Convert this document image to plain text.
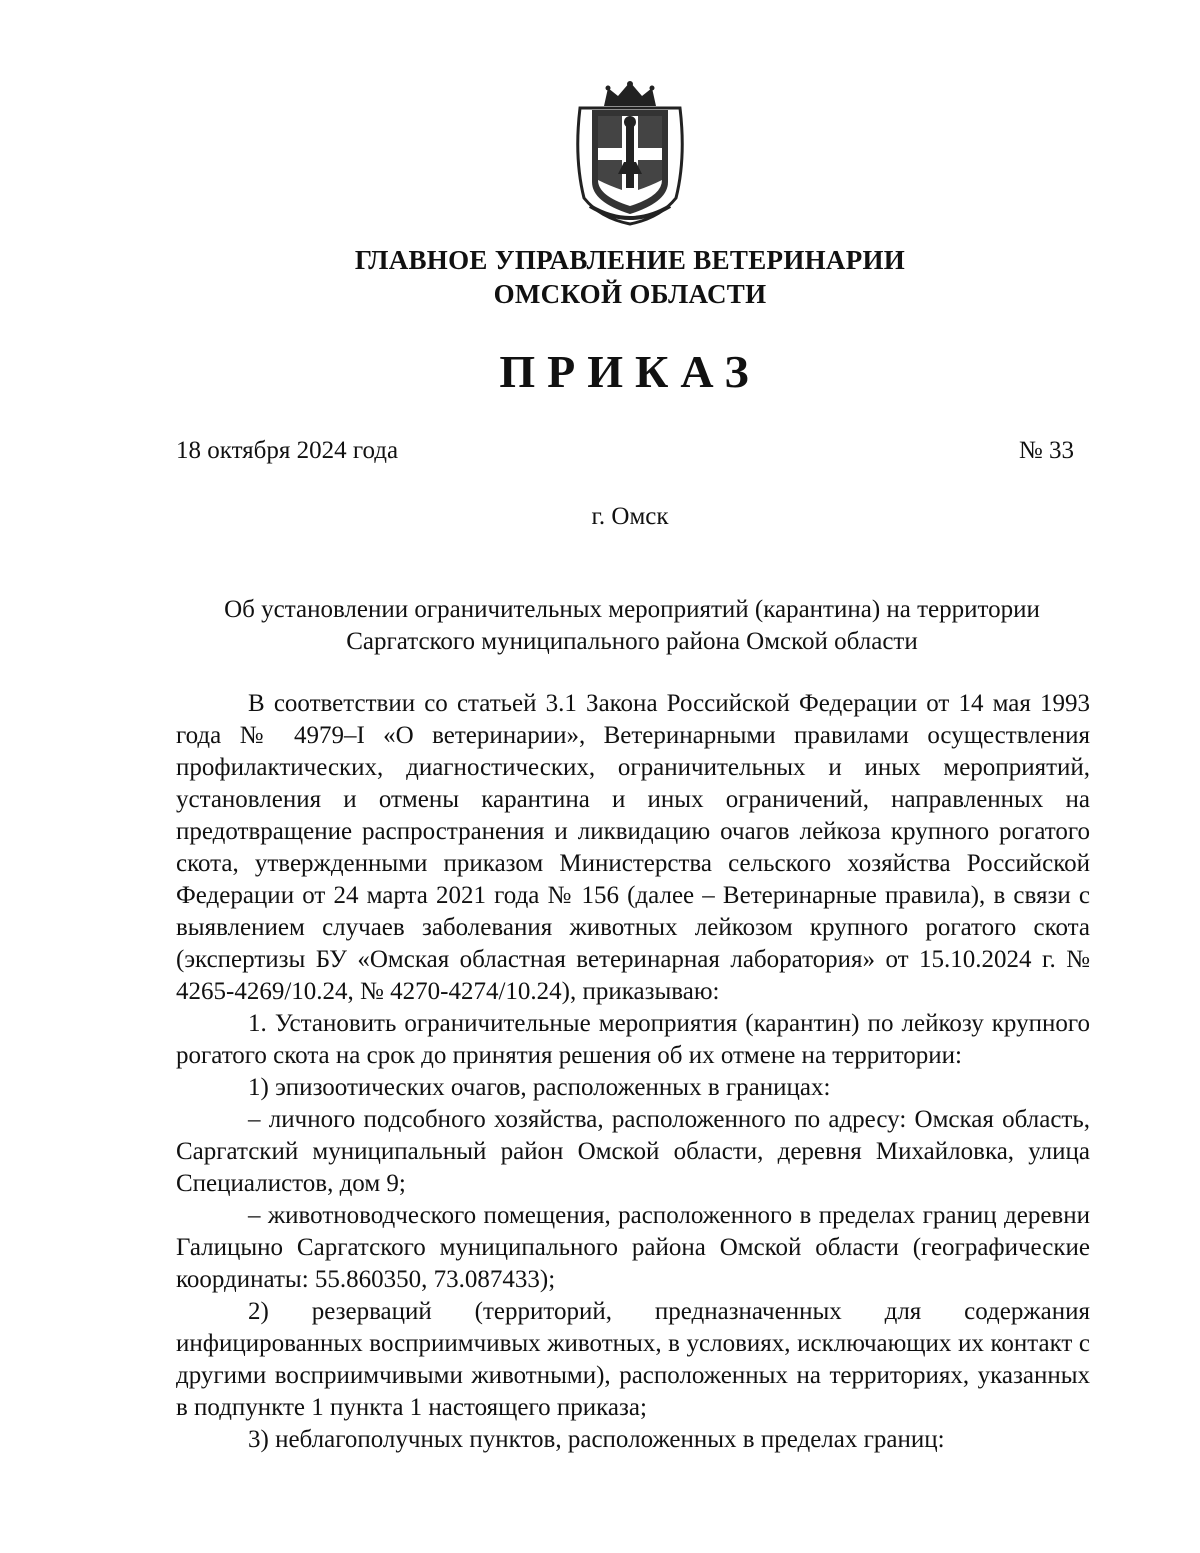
ГЛАВНОЕ УПРАВЛЕНИЕ ВЕТЕРИНАРИИ
ОМСКОЙ ОБЛАСТИ
ПРИКАЗ
18 октября 2024 года	№ 33
г. Омск
Об установлении ограничительных мероприятий (карантина) на территории
Саргатского муниципального района Омской области

В соответствии со статьей 3.1 Закона Российской Федерации от 14 мая 1993 года № 4979–I «О ветеринарии», Ветеринарными правилами осуществления профилактических, диагностических, ограничительных и иных мероприятий, установления и отмены карантина и иных ограничений, направленных на предотвращение распространения и ликвидацию очагов лейкоза крупного рогатого скота, утвержденными приказом Министерства сельского хозяйства Российской Федерации от 24 марта 2021 года № 156 (далее – Ветеринарные правила), в связи с выявлением случаев заболевания животных лейкозом крупного рогатого скота (экспертизы БУ «Омская областная ветеринарная лаборатория» от 15.10.2024 г. № 4265-4269/10.24, № 4270-4274/10.24), приказываю:

1. Установить ограничительные мероприятия (карантин) по лейкозу крупного рогатого скота на срок до принятия решения об их отмене на территории:

1) эпизоотических очагов, расположенных в границах:

– личного подсобного хозяйства, расположенного по адресу: Омская область, Саргатский муниципальный район Омской области, деревня Михайловка, улица Специалистов, дом 9;

– животноводческого помещения, расположенного в пределах границ деревни Галицыно Саргатского муниципального района Омской области (географические координаты: 55.860350, 73.087433);

2) резерваций (территорий, предназначенных для содержания инфицированных восприимчивых животных, в условиях, исключающих их контакт с другими восприимчивыми животными), расположенных на территориях, указанных в подпункте 1 пункта 1 настоящего приказа;

3) неблагополучных пунктов, расположенных в пределах границ:
